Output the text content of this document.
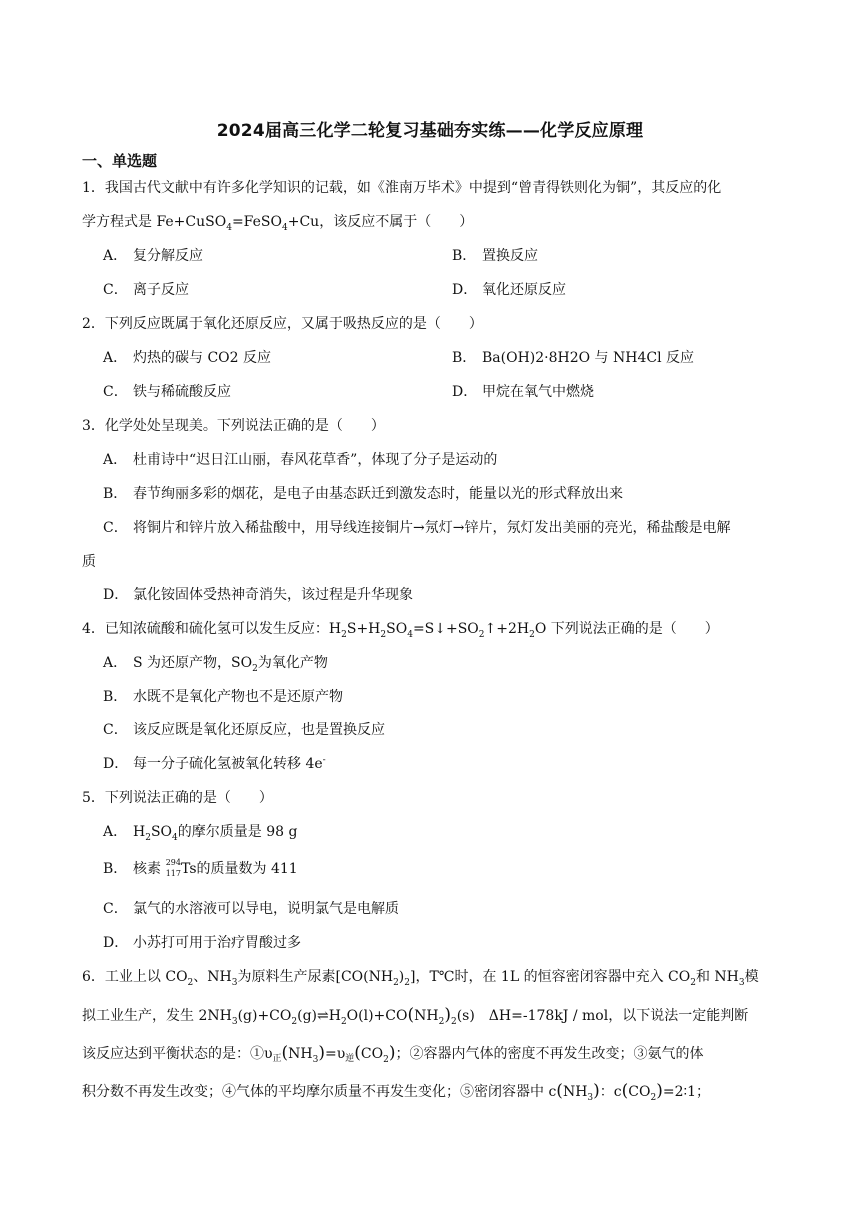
2024届高三化学二轮复习基础夯实练——化学反应原理
一、单选题
1．我国古代文献中有许多化学知识的记载，如《淮南万毕术》中提到“曾青得铁则化为铜”，其反应的化
学方程式是 Fe+CuSO$_4$=FeSO$_4$+Cu，该反应不属于（　　）
A． 复分解反应	B． 置换反应
C． 离子反应	D． 氧化还原反应
2．下列反应既属于氧化还原反应，又属于吸热反应的是（　　）
A． 灼热的碳与 CO2 反应	B． Ba(OH)2·8H2O 与 NH4Cl 反应
C． 铁与稀硫酸反应	D． 甲烷在氧气中燃烧
3．化学处处呈现美。下列说法正确的是（　　）
A． 杜甫诗中“迟日江山丽，春风花草香”，体现了分子是运动的
B． 春节绚丽多彩的烟花，是电子由基态跃迁到激发态时，能量以光的形式释放出来
C． 将铜片和锌片放入稀盐酸中，用导线连接铜片→氖灯→锌片，氖灯发出美丽的亮光，稀盐酸是电解
质
D． 氯化铵固体受热神奇消失，该过程是升华现象
4．已知浓硫酸和硫化氢可以发生反应：$H_2S+H_2SO_4=S↓+SO_2↑+2H_2O$ 下列说法正确的是（　　）
A． S 为还原产物，$SO_2$为氧化产物
B． 水既不是氧化产物也不是还原产物
C． 该反应既是氧化还原反应，也是置换反应
D． 每一分子硫化氢被氧化转移 4e-
5．下列说法正确的是（　　）
A． $H_2SO_4$的摩尔质量是 98 g
B． 核素 294
117 Ts的质量数为 411
C． 氯气的水溶液可以导电，说明氯气是电解质
D． 小苏打可用于治疗胃酸过多
6．工业上以 $CO_2$、$NH_3$为原料生产尿素$[CO(NH_2)_2]$，T℃时，在 1L 的恒容密闭容器中充入 $CO_2$和 $NH_3$模
拟工业生产，发生 $2NH_3(g)+CO_2(g)\rightleftharpoons H_2O(l)+CO(NH_2)_2(s)$　ΔH=-178kJ / mol，以下说法一定能判断
该反应达到平衡状态的是：$①\upsilon_正(NH_3)=\upsilon_逆(CO_2)$；②容器内气体的密度不再发生改变；③氨气的体
积分数不再发生改变；④气体的平均摩尔质量不再发生变化；⑤密闭容器中 $c(NH_3)$：$c(CO_2)=2∶1$；
